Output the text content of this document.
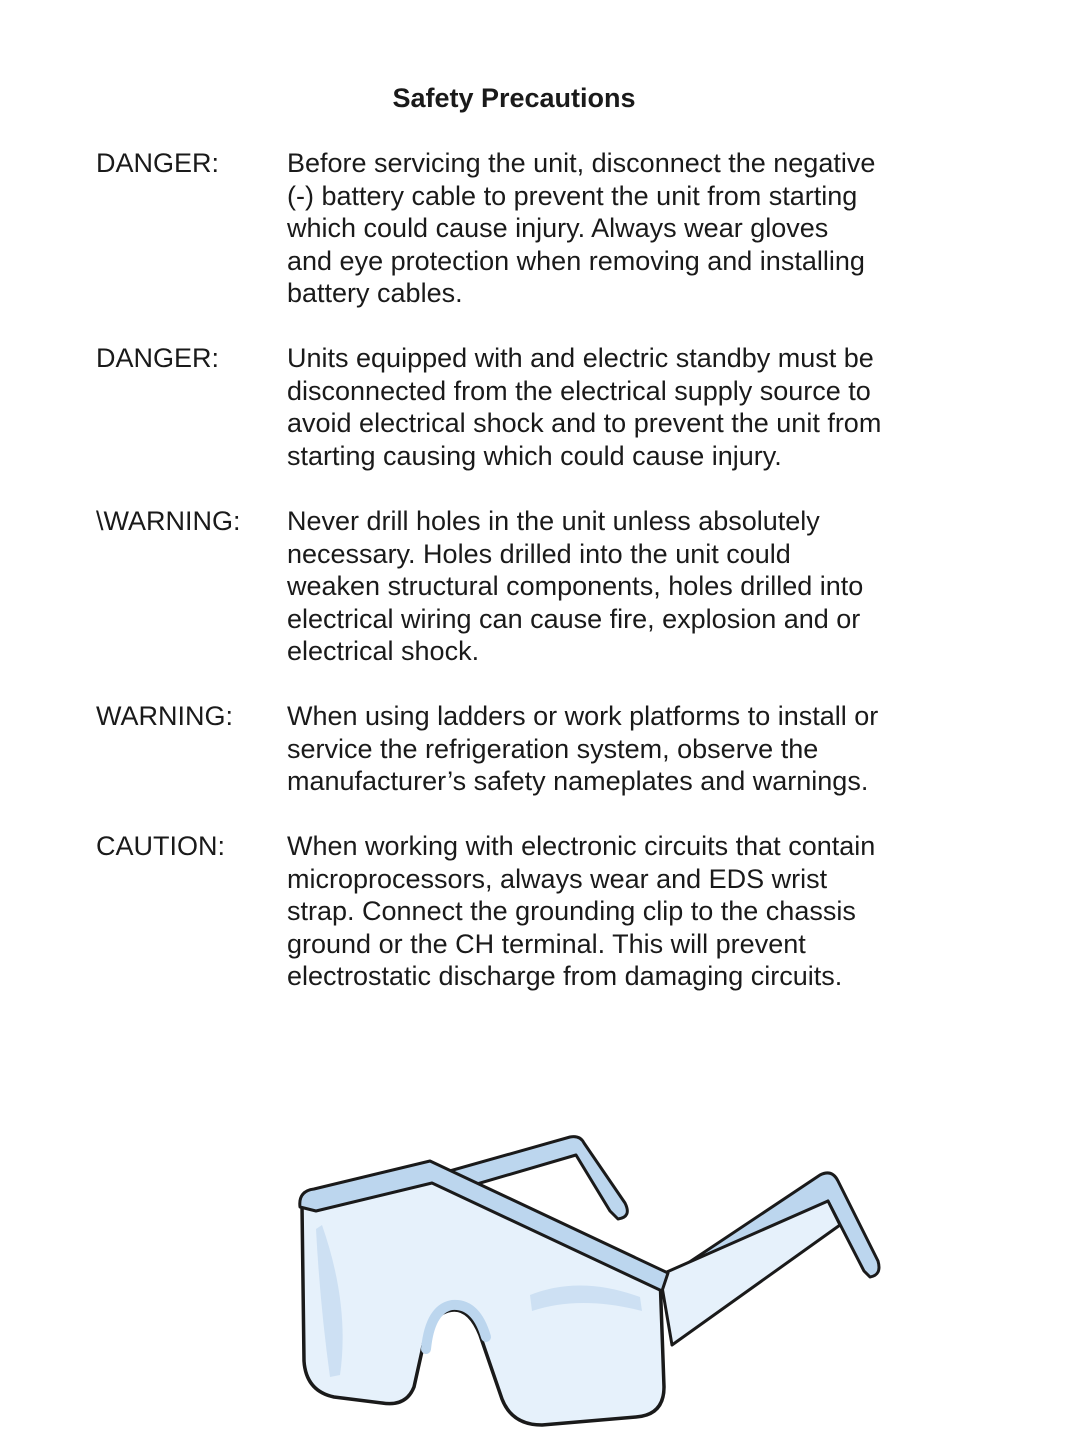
Safety Precautions
DANGER:	Before servicing the unit, disconnect the negative
(-) battery cable to prevent the unit from starting
which could cause injury. Always wear gloves
and eye protection when removing and installing
battery cables.
DANGER:	Units equipped with and electric standby must be
disconnected from the electrical supply source to
avoid electrical shock and to prevent the unit from
starting causing which could cause injury.
\WARNING: Never drill holes in the unit unless absolutely
necessary. Holes drilled into the unit could
weaken structural components, holes drilled into
electrical wiring can cause fire, explosion and or
electrical shock.
WARNING: When using ladders or work platforms to install or
service the refrigeration system, observe the
manufacturer’s safety nameplates and warnings.
CAUTION: When working with electronic circuits that contain
microprocessors, always wear and EDS wrist
strap. Connect the grounding clip to the chassis
ground or the CH terminal. This will prevent
electrostatic discharge from damaging circuits.
